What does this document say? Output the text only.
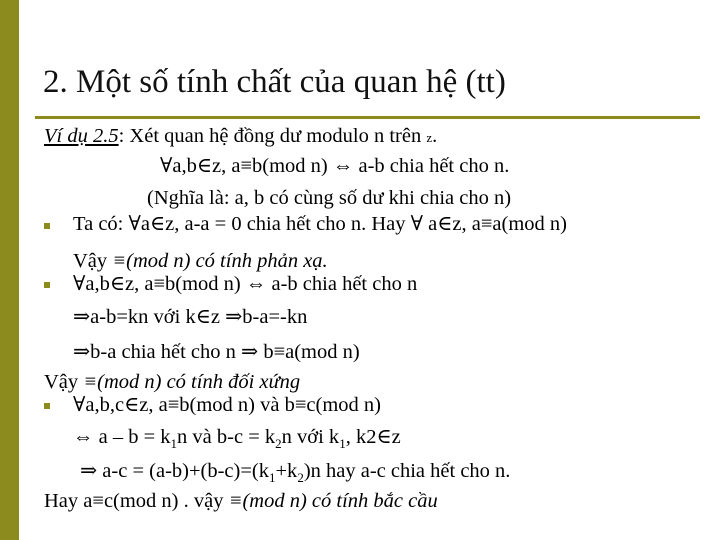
2. Một số tính chất của quan hệ (tt)
Ví dụ 2.5: Xét quan hệ đồng dư modulo n trên z.
∀a,b∈z, a≡b(mod n) ⇔ a-b chia hết cho n.
(Nghĩa là: a, b có cùng số dư khi chia cho n)
Ta có: ∀a∈z, a-a = 0 chia hết cho n. Hay ∀ a∈z, a≡a(mod n)
Vậy ≡(mod n) có tính phản xạ.
∀a,b∈z, a≡b(mod n) ⇔ a-b chia hết cho n
⇒a-b=kn với k∈z ⇒b-a=-kn
⇒b-a chia hết cho n ⇒ b≡a(mod n)
Vậy ≡(mod n) có tính đối xứng
∀a,b,c∈z, a≡b(mod n) và b≡c(mod n)
⇔ $a - b = k_1n$ và $b-c = k_2n$ với $k_1$, k2∈z
⇒ $a-c = (a-b)+(b-c)=(k_1+k_2)n$ hay a-c chia hết cho n.
Hay a≡c(mod n) . vậy ≡(mod n) có tính bắc cầu
